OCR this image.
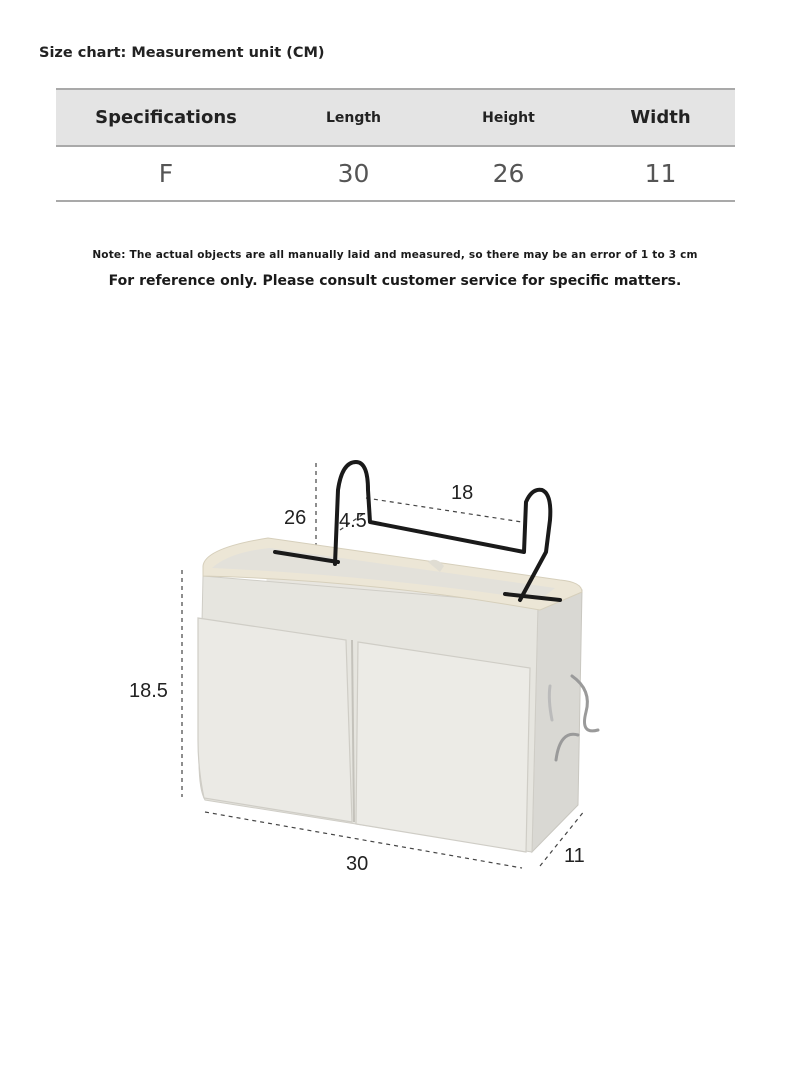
Size chart: Measurement unit (CM)
Specifications	Length	Height	Width
F	30	26	11
Note: The actual objects are all manually laid and measured, so there may be an error of 1 to 3 cm
For reference only. Please consult customer service for specific matters.
26 4.5
18
18.5
30	11
